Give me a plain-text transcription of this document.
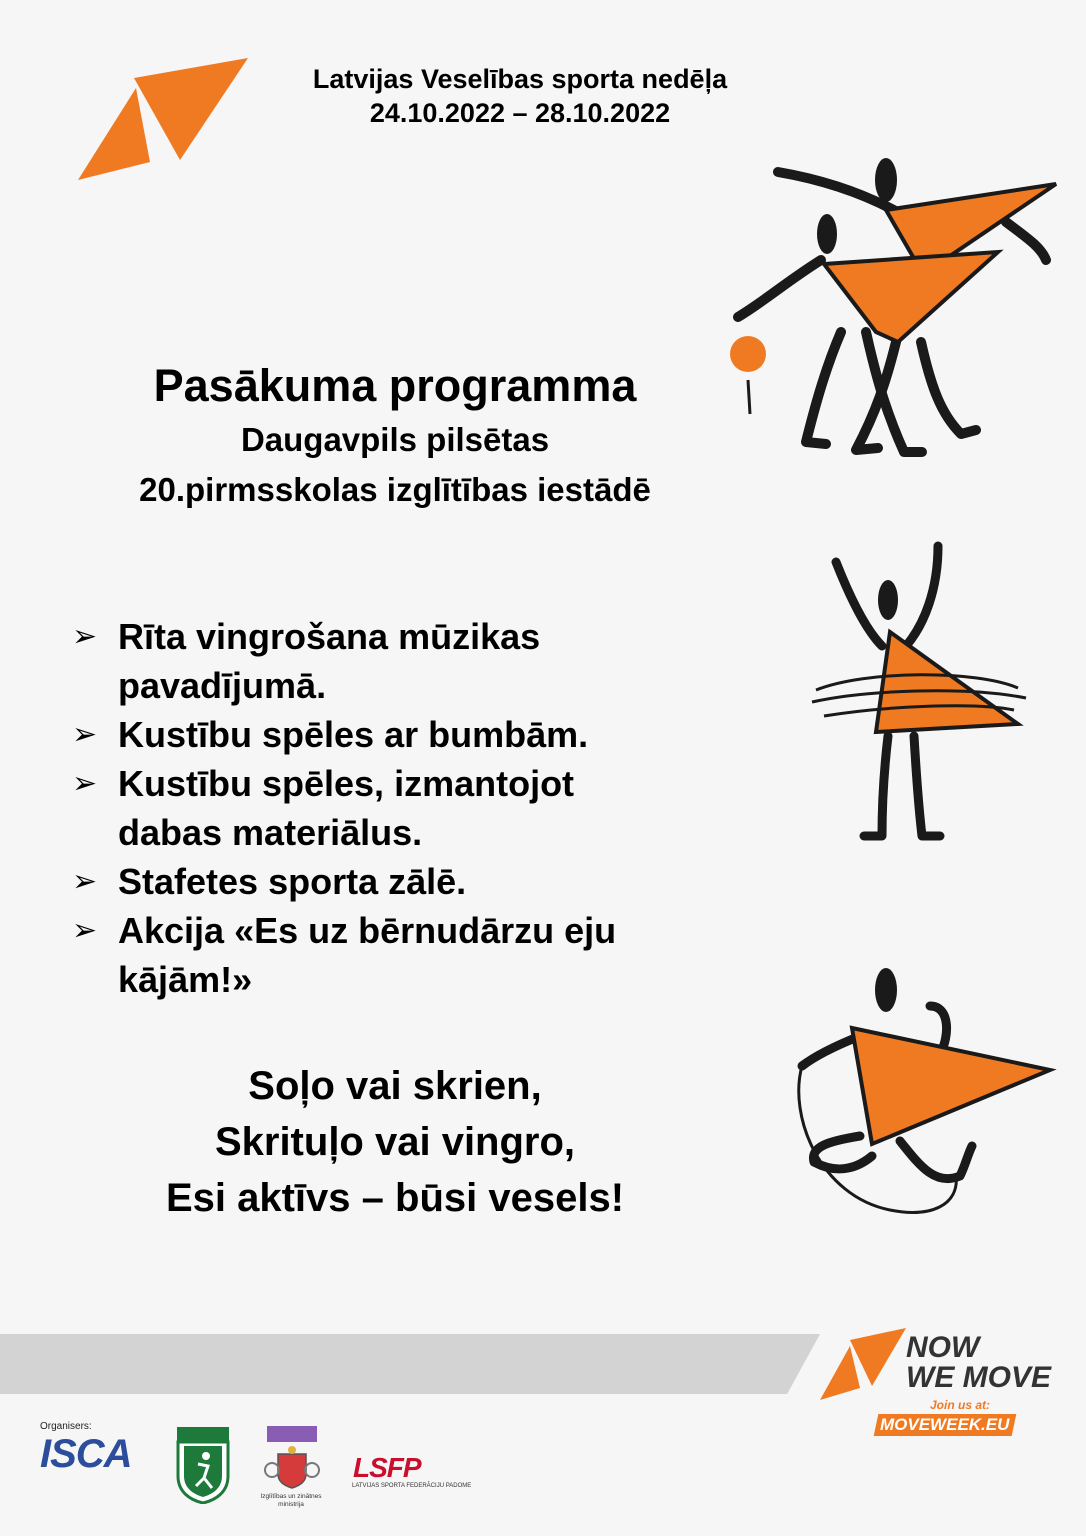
Latvijas Veselības sporta nedēļa
24.10.2022 – 28.10.2022
Pasākuma programma
Daugavpils pilsētas
20.pirmsskolas izglītības iestādē
➢ Rīta vingrošana mūzikas
pavadījumā.
➢ Kustību spēles ar bumbām.
➢ Kustību spēles, izmantojot
dabas materiālus.
➢ Stafetes sporta zālē.
➢ Akcija «Es uz bērnudārzu eju
kājām!»
Soļo vai skrien,
Skrituļo vai vingro,
Esi aktīvs – būsi vesels!
NOW
WE MOVE
Join us at:
MOVEWEEK.EU
Organisers:
ISCA
Izglītības un zinātnes ministrija
LSFP
LATVIJAS SPORTA FEDERĀCIJU PADOME
